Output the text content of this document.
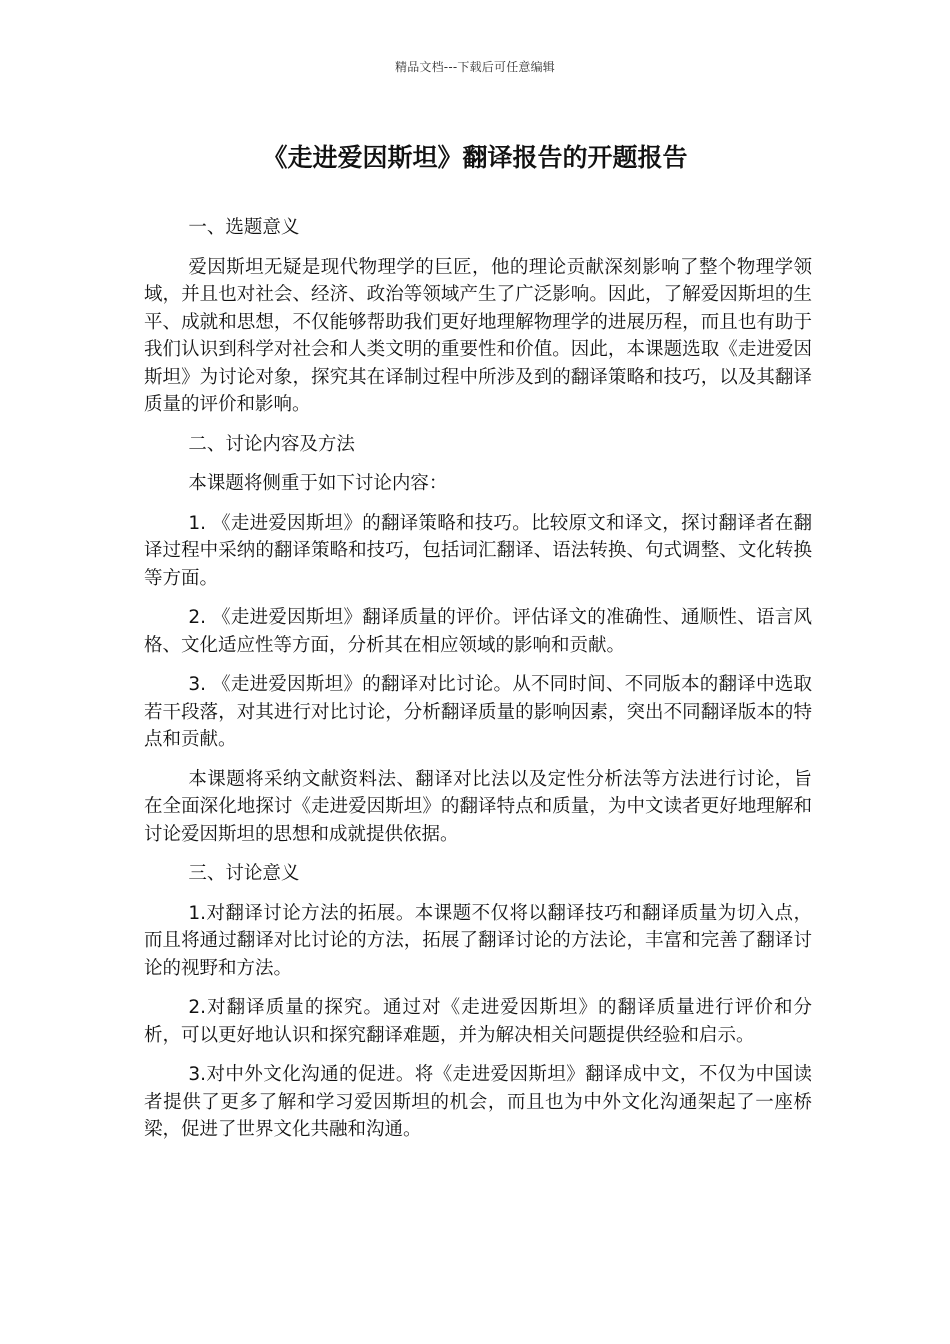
精品文档---下载后可任意编辑
《走进爱因斯坦》翻译报告的开题报告

一、选题意义

爱因斯坦无疑是现代物理学的巨匠，他的理论贡献深刻影响了整个物理学领域，并且也对社会、经济、政治等领域产生了广泛影响。因此，了解爱因斯坦的生平、成就和思想，不仅能够帮助我们更好地理解物理学的进展历程，而且也有助于我们认识到科学对社会和人类文明的重要性和价值。因此，本课题选取《走进爱因斯坦》为讨论对象，探究其在译制过程中所涉及到的翻译策略和技巧，以及其翻译质量的评价和影响。

二、讨论内容及方法

本课题将侧重于如下讨论内容：

1. 《走进爱因斯坦》的翻译策略和技巧。比较原文和译文，探讨翻译者在翻译过程中采纳的翻译策略和技巧，包括词汇翻译、语法转换、句式调整、文化转换等方面。

2. 《走进爱因斯坦》翻译质量的评价。评估译文的准确性、通顺性、语言风格、文化适应性等方面，分析其在相应领域的影响和贡献。

3. 《走进爱因斯坦》的翻译对比讨论。从不同时间、不同版本的翻译中选取若干段落，对其进行对比讨论，分析翻译质量的影响因素，突出不同翻译版本的特点和贡献。

本课题将采纳文献资料法、翻译对比法以及定性分析法等方法进行讨论，旨在全面深化地探讨《走进爱因斯坦》的翻译特点和质量，为中文读者更好地理解和讨论爱因斯坦的思想和成就提供依据。

三、讨论意义

1.对翻译讨论方法的拓展。本课题不仅将以翻译技巧和翻译质量为切入点，而且将通过翻译对比讨论的方法，拓展了翻译讨论的方法论，丰富和完善了翻译讨论的视野和方法。

2.对翻译质量的探究。通过对《走进爱因斯坦》的翻译质量进行评价和分析，可以更好地认识和探究翻译难题，并为解决相关问题提供经验和启示。

3.对中外文化沟通的促进。将《走进爱因斯坦》翻译成中文，不仅为中国读者提供了更多了解和学习爱因斯坦的机会，而且也为中外文化沟通架起了一座桥梁，促进了世界文化共融和沟通。
